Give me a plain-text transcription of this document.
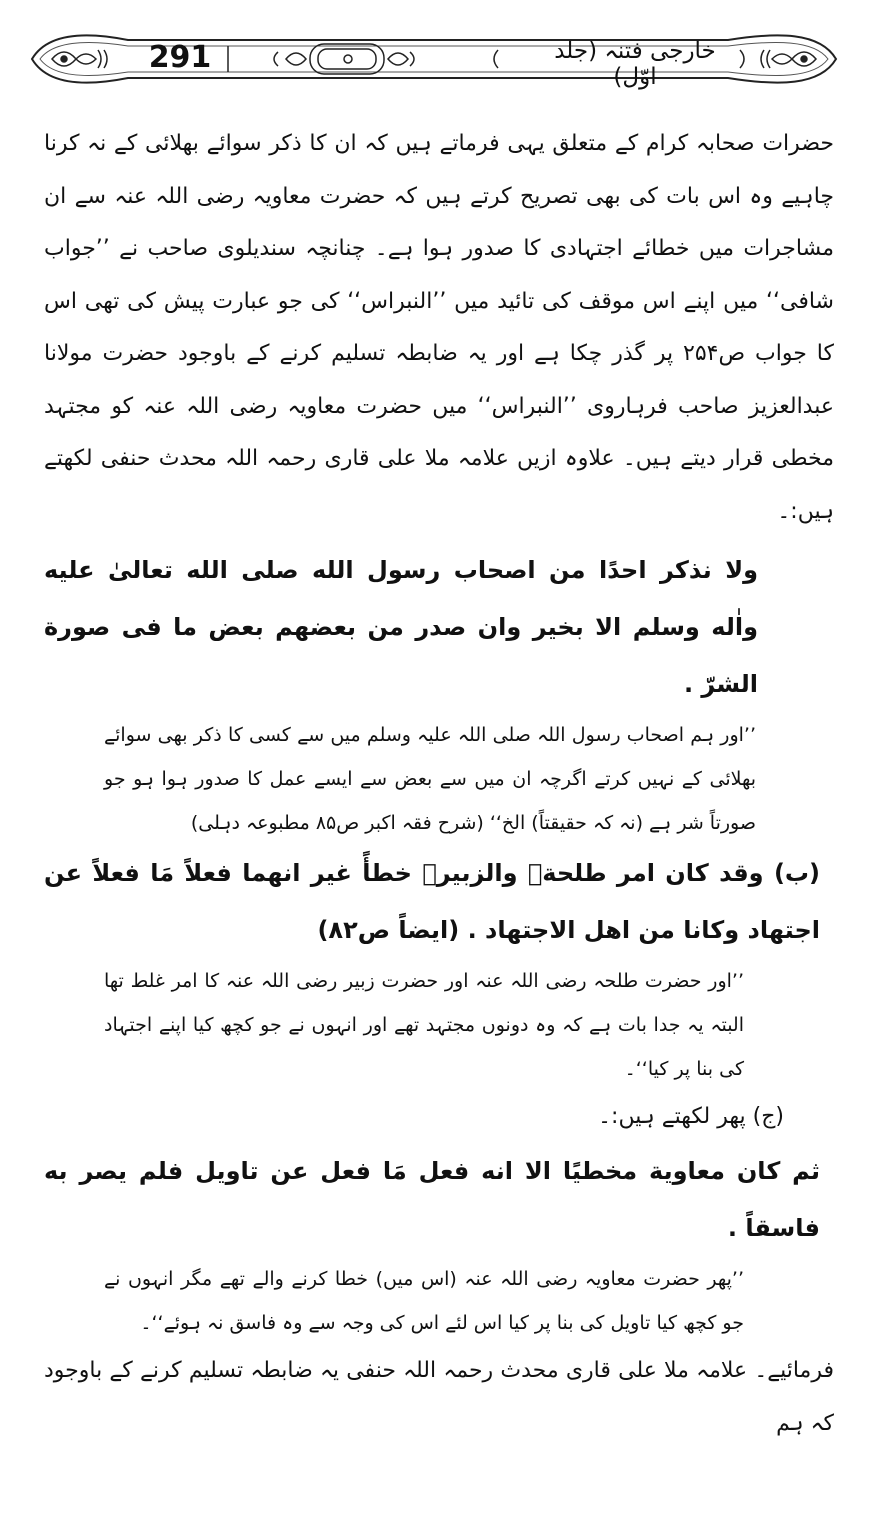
291	خارجی فتنہ (جلد اوّل)

حضرات صحابہ کرام کے متعلق یہی فرماتے ہیں کہ ان کا ذکر سوائے بھلائی کے نہ کرنا چاہیے وہ اس بات کی بھی تصریح کرتے ہیں کہ حضرت معاویہ رضی اللہ عنہ سے ان مشاجرات میں خطائے اجتہادی کا صدور ہوا ہے۔ چنانچہ سندیلوی صاحب نے ’’جواب شافی‘‘ میں اپنے اس موقف کی تائید میں ’’النبراس‘‘ کی جو عبارت پیش کی تھی اس کا جواب ص۲۵۴ پر گذر چکا ہے اور یہ ضابطہ تسلیم کرنے کے باوجود حضرت مولانا عبدالعزیز صاحب فرہاروی ’’النبراس‘‘ میں حضرت معاویہ رضی اللہ عنہ کو مجتہد مخطی قرار دیتے ہیں۔ علاوہ ازیں علامہ ملا علی قاری رحمہ اللہ محدث حنفی لکھتے ہیں:۔

ولا نذكر احدًا من اصحاب رسول الله صلى الله تعالىٰ عليه واٰله وسلم الا بخير وان صدر من بعضهم بعض ما فى صورة الشرّ .

’’اور ہم اصحاب رسول اللہ صلی اللہ علیہ وسلم میں سے کسی کا ذکر بھی سوائے بھلائی کے نہیں کرتے اگرچہ ان میں سے بعض سے ایسے عمل کا صدور ہوا ہو جو صورتاً شر ہے (نہ کہ حقیقتاً) الخ‘‘ (شرح فقہ اکبر ص۸۵ مطبوعہ دہلی)

(ب) وقد كان امر طلحةؓ والزبيرؓ خطأً غير انهما فعلاً مَا فعلاً عن اجتهاد وكانا من اهل الاجتهاد . (ايضاً ص۸۲)

’’اور حضرت طلحہ رضی اللہ عنہ اور حضرت زبیر رضی اللہ عنہ کا امر غلط تھا البتہ یہ جدا بات ہے کہ وہ دونوں مجتہد تھے اور انہوں نے جو کچھ کیا اپنے اجتہاد کی بنا پر کیا‘‘۔

(ج) پھر لکھتے ہیں:۔

ثم كان معاوية مخطيًا الا انه فعل مَا فعل عن تاويل فلم يصر به فاسقاً .

’’پھر حضرت معاویہ رضی اللہ عنہ (اس میں) خطا کرنے والے تھے مگر انہوں نے جو کچھ کیا تاویل کی بنا پر کیا اس لئے اس کی وجہ سے وہ فاسق نہ ہوئے‘‘۔

فرمائیے۔ علامہ ملا علی قاری محدث رحمہ اللہ حنفی یہ ضابطہ تسلیم کرنے کے باوجود کہ ہم
